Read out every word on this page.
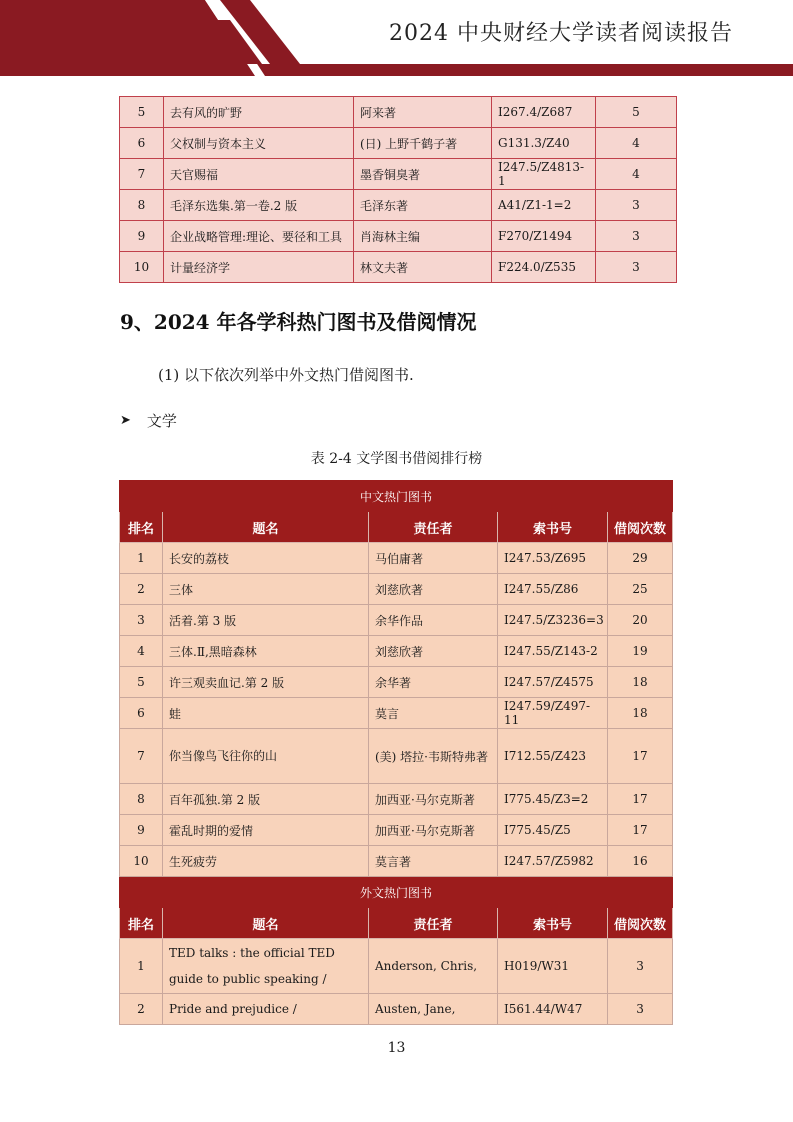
2024 中央财经大学读者阅读报告
5	去有风的旷野	阿来著	I267.4/Z687	5
6	父权制与资本主义	(日) 上野千鹤子著	G131.3/Z40	4
7	天官赐福	墨香铜臭著	I247.5/Z4813-1	4
8	毛泽东选集.第一卷.2 版	毛泽东著	A41/Z1-1=2	3
9	企业战略管理:理论、要径和工具	肖海林主编	F270/Z1494	3
10	计量经济学	林文夫著	F224.0/Z535	3
9、2024 年各学科热门图书及借阅情况
(1) 以下依次列举中外文热门借阅图书.
➤ 文学
表 2-4 文学图书借阅排行榜
中文热门图书				
排名	题名	责任者	索书号	借阅次数
1	长安的荔枝	马伯庸著	I247.53/Z695	29
2	三体	刘慈欣著	I247.55/Z86	25
3	活着.第 3 版	余华作品	I247.5/Z3236=3	20
4	三体.Ⅱ,黑暗森林	刘慈欣著	I247.55/Z143-2	19
5	许三观卖血记.第 2 版	余华著	I247.57/Z4575	18
6	蛙	莫言	I247.59/Z497-11	18
7	你当像鸟飞往你的山	(美) 塔拉·韦斯特弗著	I712.55/Z423	17
8	百年孤独.第 2 版	加西亚·马尔克斯著	I775.45/Z3=2	17
9	霍乱时期的爱情	加西亚·马尔克斯著	I775.45/Z5	17
10	生死疲劳	莫言著	I247.57/Z5982	16
外文热门图书				
排名	题名	责任者	索书号	借阅次数
1	TED talks : the official TED guide to public speaking /	Anderson, Chris,	H019/W31	3
2	Pride and prejudice /	Austen, Jane,	I561.44/W47	3
13
